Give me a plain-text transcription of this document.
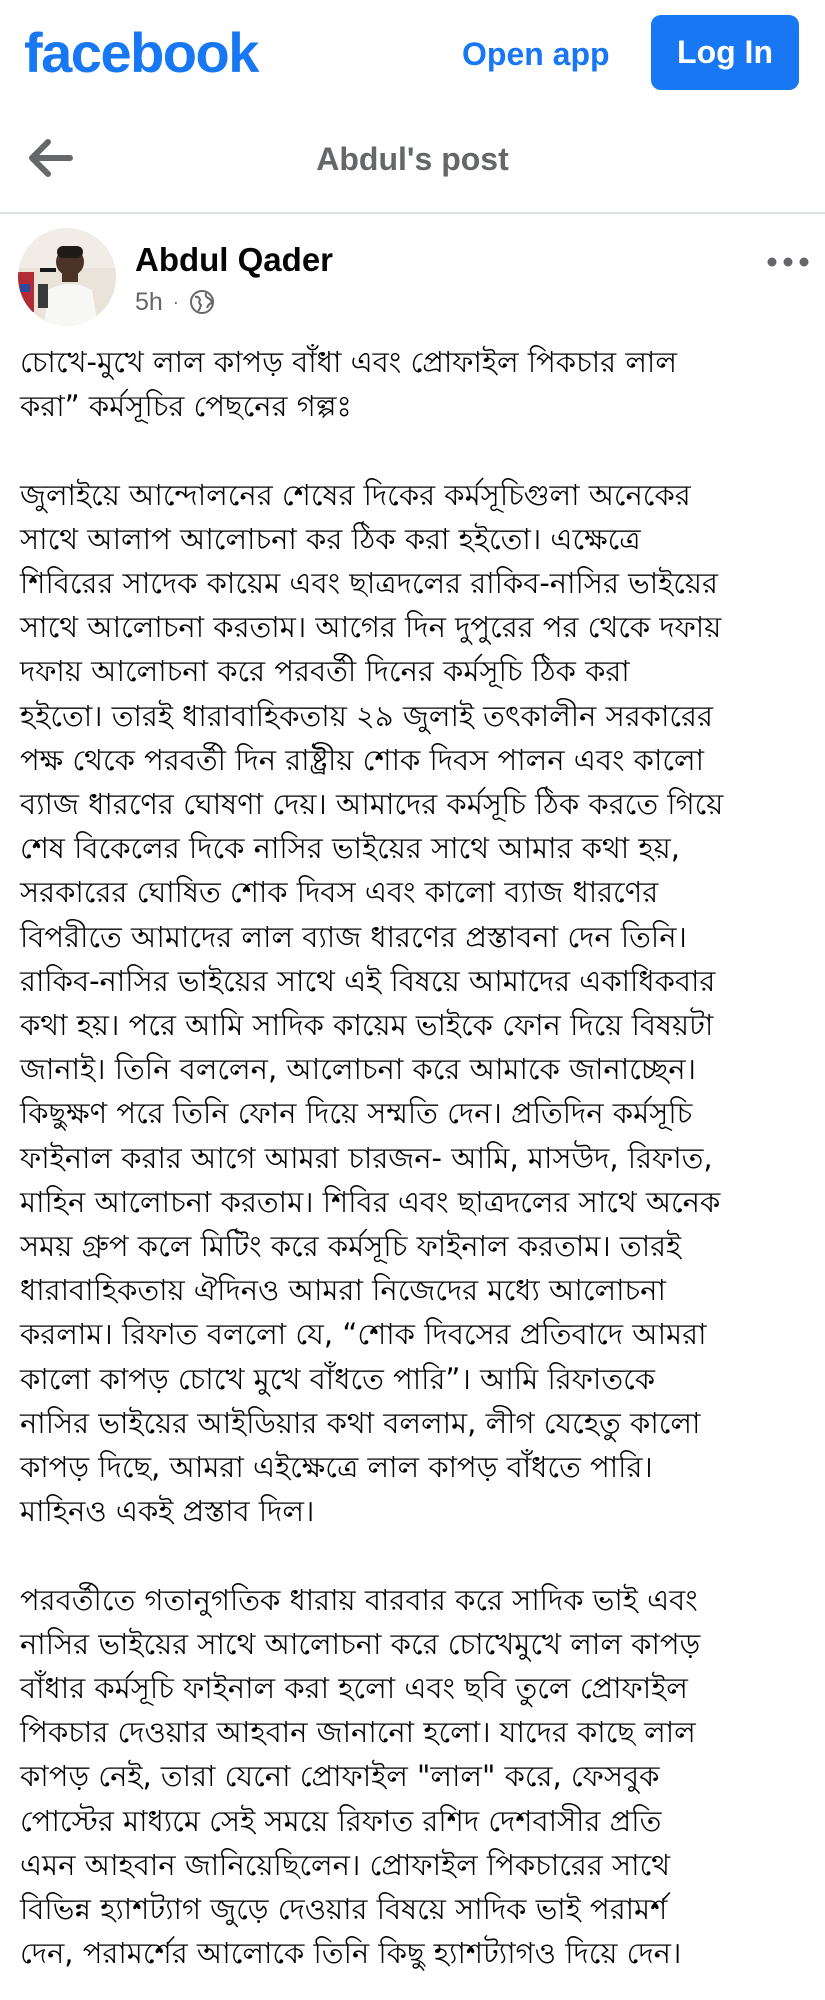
facebook	Open app	Log In
Abdul's post
Abdul Qader
5h ·
চোখে-মুখে লাল কাপড় বাঁধা এবং প্রোফাইল পিকচার লাল
করা” কর্মসূচির পেছনের গল্পঃ
জুলাইয়ে আন্দোলনের শেষের দিকের কর্মসূচিগুলা অনেকের
সাথে আলাপ আলোচনা কর ঠিক করা হইতো। এক্ষেত্রে
শিবিরের সাদেক কায়েম এবং ছাত্রদলের রাকিব-নাসির ভাইয়ের
সাথে আলোচনা করতাম। আগের দিন দুপুরের পর থেকে দফায়
দফায় আলোচনা করে পরবর্তী দিনের কর্মসূচি ঠিক করা
হইতো। তারই ধারাবাহিকতায় ২৯ জুলাই তৎকালীন সরকারের
পক্ষ থেকে পরবর্তী দিন রাষ্ট্রীয় শোক দিবস পালন এবং কালো
ব্যাজ ধারণের ঘোষণা দেয়। আমাদের কর্মসূচি ঠিক করতে গিয়ে
শেষ বিকেলের দিকে নাসির ভাইয়ের সাথে আমার কথা হয়,
সরকারের ঘোষিত শোক দিবস এবং কালো ব্যাজ ধারণের
বিপরীতে আমাদের লাল ব্যাজ ধারণের প্রস্তাবনা দেন তিনি।
রাকিব-নাসির ভাইয়ের সাথে এই বিষয়ে আমাদের একাধিকবার
কথা হয়। পরে আমি সাদিক কায়েম ভাইকে ফোন দিয়ে বিষয়টা
জানাই। তিনি বললেন, আলোচনা করে আমাকে জানাচ্ছেন।
কিছুক্ষণ পরে তিনি ফোন দিয়ে সম্মতি দেন। প্রতিদিন কর্মসূচি
ফাইনাল করার আগে আমরা চারজন- আমি, মাসউদ, রিফাত,
মাহিন আলোচনা করতাম। শিবির এবং ছাত্রদলের সাথে অনেক
সময় গ্রুপ কলে মিটিং করে কর্মসূচি ফাইনাল করতাম। তারই
ধারাবাহিকতায় ঐদিনও আমরা নিজেদের মধ্যে আলোচনা
করলাম। রিফাত বললো যে, “শোক দিবসের প্রতিবাদে আমরা
কালো কাপড় চোখে মুখে বাঁধতে পারি”। আমি রিফাতকে
নাসির ভাইয়ের আইডিয়ার কথা বললাম, লীগ যেহেতু কালো
কাপড় দিছে, আমরা এইক্ষেত্রে লাল কাপড় বাঁধতে পারি।
মাহিনও একই প্রস্তাব দিল।
পরবর্তীতে গতানুগতিক ধারায় বারবার করে সাদিক ভাই এবং
নাসির ভাইয়ের সাথে আলোচনা করে চোখেমুখে লাল কাপড়
বাঁধার কর্মসূচি ফাইনাল করা হলো এবং ছবি তুলে প্রোফাইল
পিকচার দেওয়ার আহবান জানানো হলো। যাদের কাছে লাল
কাপড় নেই, তারা যেনো প্রোফাইল "লাল" করে, ফেসবুক
পোস্টের মাধ্যমে সেই সময়ে রিফাত রশিদ দেশবাসীর প্রতি
এমন আহবান জানিয়েছিলেন। প্রোফাইল পিকচারের সাথে
বিভিন্ন হ্যাশট্যাগ জুড়ে দেওয়ার বিষয়ে সাদিক ভাই পরামর্শ
দেন, পরামর্শের আলোকে তিনি কিছু হ্যাশট্যাগও দিয়ে দেন।
